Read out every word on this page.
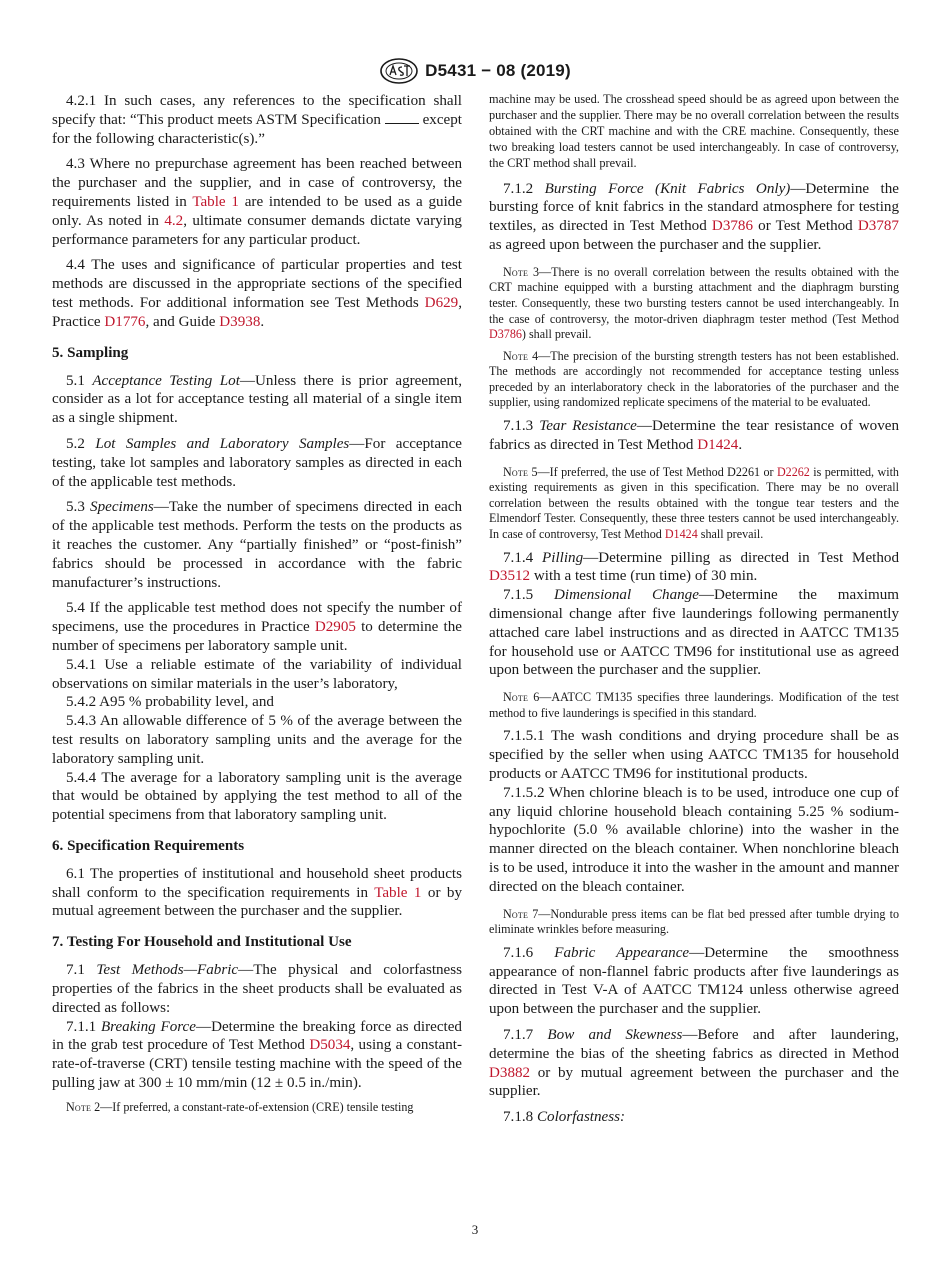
D5431 − 08 (2019)

4.2.1 In such cases, any references to the specification shall specify that: “This product meets ASTM Specification	except for the following characteristic(s).”

4.3 Where no prepurchase agreement has been reached between the purchaser and the supplier, and in case of controversy, the requirements listed in Table 1 are intended to be used as a guide only. As noted in 4.2, ultimate consumer demands dictate varying performance parameters for any particular product.

4.4 The uses and significance of particular properties and test methods are discussed in the appropriate sections of the specified test methods. For additional information see Test Methods D629, Practice D1776, and Guide D3938.

5. Sampling

5.1 Acceptance Testing Lot—Unless there is prior agreement, consider as a lot for acceptance testing all material of a single item as a single shipment.

5.2 Lot Samples and Laboratory Samples—For acceptance testing, take lot samples and laboratory samples as directed in each of the applicable test methods.

5.3 Specimens—Take the number of specimens directed in each of the applicable test methods. Perform the tests on the products as it reaches the customer. Any “partially finished” or “post-finish” fabrics should be processed in accordance with the fabric manufacturer’s instructions.

5.4 If the applicable test method does not specify the number of specimens, use the procedures in Practice D2905 to determine the number of specimens per laboratory sample unit.

5.4.1 Use a reliable estimate of the variability of individual observations on similar materials in the user’s laboratory,

5.4.2 A95 % probability level, and

5.4.3 An allowable difference of 5 % of the average between the test results on laboratory sampling units and the average for the laboratory sampling unit.

5.4.4 The average for a laboratory sampling unit is the average that would be obtained by applying the test method to all of the potential specimens from that laboratory sampling unit.

6. Specification Requirements

6.1 The properties of institutional and household sheet products shall conform to the specification requirements in Table 1 or by mutual agreement between the purchaser and the supplier.

7. Testing For Household and Institutional Use

7.1 Test Methods—Fabric—The physical and colorfastness properties of the fabrics in the sheet products shall be evaluated as directed as follows:

7.1.1 Breaking Force—Determine the breaking force as directed in the grab test procedure of Test Method D5034, using a constant-rate-of-traverse (CRT) tensile testing machine with the speed of the pulling jaw at 300 ± 10 mm/min (12 ± 0.5 in./min).

Note 2—If preferred, a constant-rate-of-extension (CRE) tensile testing

machine may be used. The crosshead speed should be as agreed upon between the purchaser and the supplier. There may be no overall correlation between the results obtained with the CRT machine and with the CRE machine. Consequently, these two breaking load testers cannot be used interchangeably. In case of controversy, the CRT method shall prevail.

7.1.2 Bursting Force (Knit Fabrics Only)—Determine the bursting force of knit fabrics in the standard atmosphere for testing textiles, as directed in Test Method D3786 or Test Method D3787 as agreed upon between the purchaser and the supplier.

Note 3—There is no overall correlation between the results obtained with the CRT machine equipped with a bursting attachment and the diaphragm bursting tester. Consequently, these two bursting testers cannot be used interchangeably. In the case of controversy, the motor-driven diaphragm tester method (Test Method D3786) shall prevail.

Note 4—The precision of the bursting strength testers has not been established. The methods are accordingly not recommended for acceptance testing unless preceded by an interlaboratory check in the laboratories of the purchaser and the supplier, using randomized replicate specimens of the material to be evaluated.

7.1.3 Tear Resistance—Determine the tear resistance of woven fabrics as directed in Test Method D1424.

Note 5—If preferred, the use of Test Method D2261 or D2262 is permitted, with existing requirements as given in this specification. There may be no overall correlation between the results obtained with the tongue tear testers and the Elmendorf Tester. Consequently, these three testers cannot be used interchangeably. In case of controversy, Test Method D1424 shall prevail.

7.1.4 Pilling—Determine pilling as directed in Test Method D3512 with a test time (run time) of 30 min.

7.1.5 Dimensional Change—Determine the maximum dimensional change after five launderings following permanently attached care label instructions and as directed in AATCC TM135 for household use or AATCC TM96 for institutional use as agreed upon between the purchaser and the supplier.

Note 6—AATCC TM135 specifies three launderings. Modification of the test method to five launderings is specified in this standard.

7.1.5.1 The wash conditions and drying procedure shall be as specified by the seller when using AATCC TM135 for household products or AATCC TM96 for institutional products.

7.1.5.2 When chlorine bleach is to be used, introduce one cup of any liquid chlorine household bleach containing 5.25 % sodium-hypochlorite (5.0 % available chlorine) into the washer in the manner directed on the bleach container. When nonchlorine bleach is to be used, introduce it into the washer in the amount and manner directed on the bleach container.

Note 7—Nondurable press items can be flat bed pressed after tumble drying to eliminate wrinkles before measuring.

7.1.6 Fabric Appearance—Determine the smoothness appearance of non-flannel fabric products after five launderings as directed in Test V-A of AATCC TM124 unless otherwise agreed upon between the purchaser and the supplier.

7.1.7 Bow and Skewness—Before and after laundering, determine the bias of the sheeting fabrics as directed in Method D3882 or by mutual agreement between the purchaser and the supplier.

7.1.8 Colorfastness:

3
